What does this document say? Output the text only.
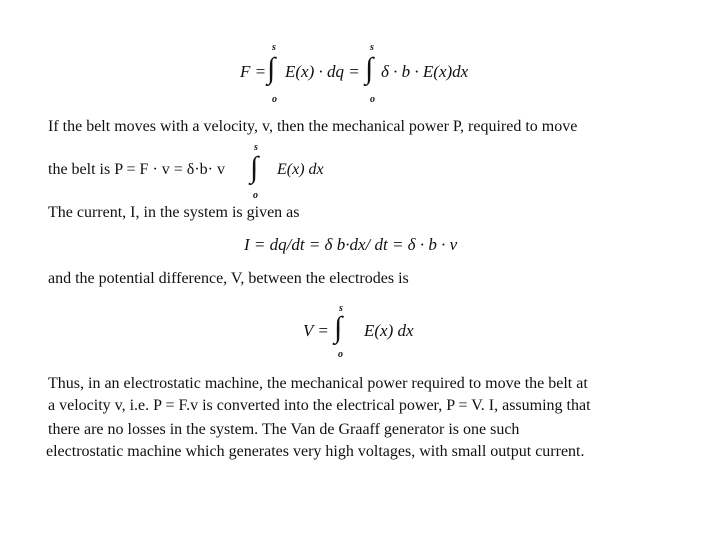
F =
s
∫
o
E(x) · dq =
s
∫
o
δ · b · E(x)dx
If the belt moves with a velocity, v, then the mechanical power P, required to move
s
the belt is P = F · v = δ·b· v ∫
o
E(x) dx
The current, I, in the system is given as
I = dq/dt = δ b·dx/ dt = δ · b · v
and the potential difference, V, between the electrodes is
V =
s
∫
o
E(x) dx
Thus, in an electrostatic machine, the mechanical power required to move the belt at
a velocity v, i.e. P = F.v is converted into the electrical power, P = V. I, assuming that
there are no losses in the system. The Van de Graaff generator is one such
electrostatic machine which generates very high voltages, with small output current.
